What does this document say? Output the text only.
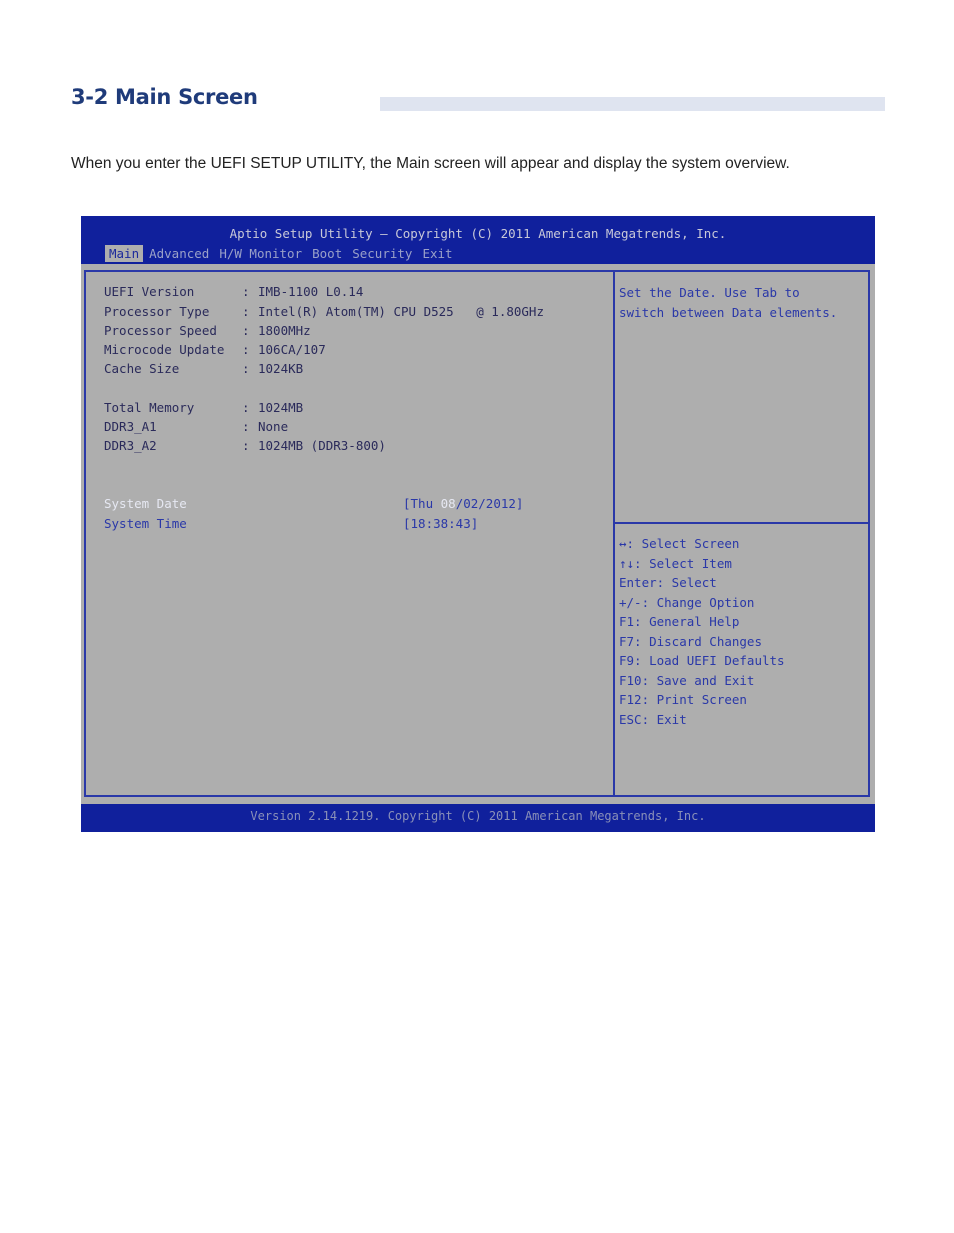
3-2 Main Screen

When you enter the UEFI SETUP UTILITY, the Main screen will appear and display the system overview.

Aptio Setup Utility – Copyright (C) 2011 American Megatrends, Inc.
Main Advanced H/W Monitor Boot Security Exit
UEFI Version	: IMB-1100 L0.14
Processor Type	: Intel(R) Atom(TM) CPU D525   @ 1.80GHz
Processor Speed : 1800MHz
Microcode Update : 106CA/107
Cache Size	: 1024KB
Total Memory	: 1024MB
DDR3_A1	: None
DDR3_A2	: 1024MB (DDR3-800)
System Date	[Thu 08/02/2012]
System Time	[18:38:43]
Set the Date. Use Tab to
switch between Data elements.
↔: Select Screen
↑↓: Select Item
Enter: Select
+/-: Change Option
F1: General Help
F7: Discard Changes
F9: Load UEFI Defaults
F10: Save and Exit
F12: Print Screen
ESC: Exit
Version 2.14.1219. Copyright (C) 2011 American Megatrends, Inc.
